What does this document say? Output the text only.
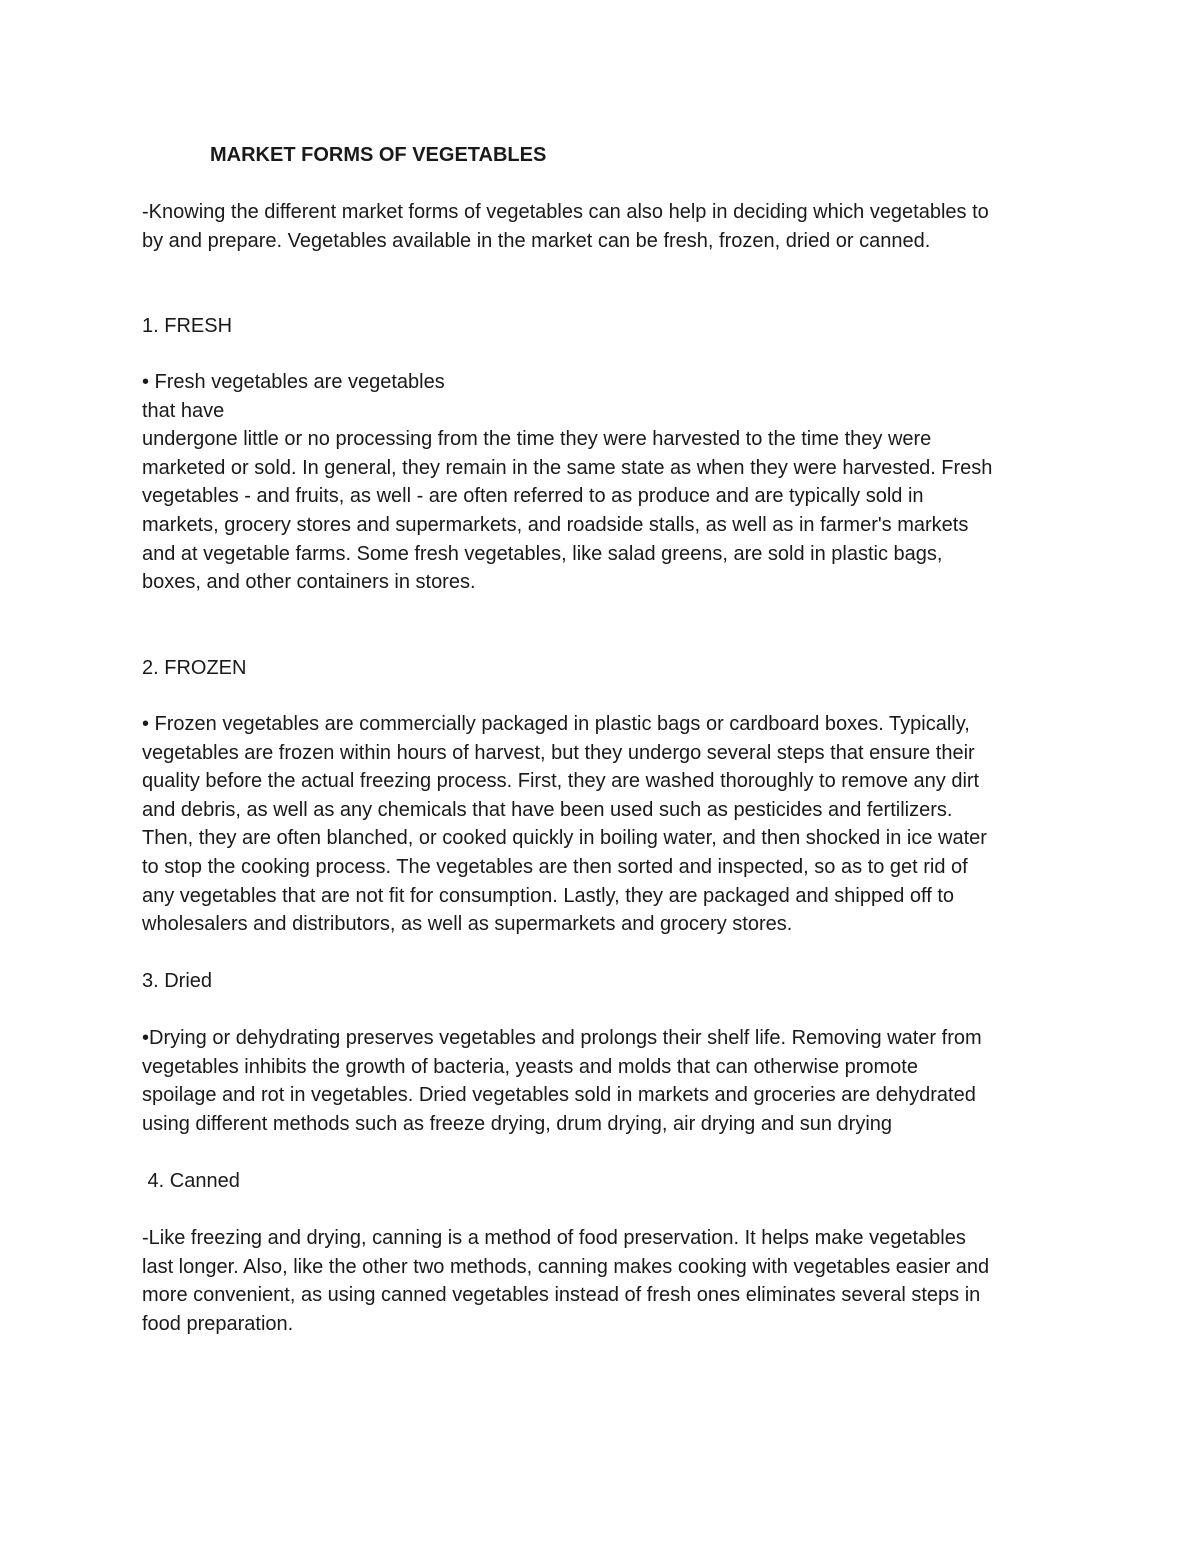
MARKET FORMS OF VEGETABLES
-Knowing the different market forms of vegetables can also help in deciding which vegetables to
by and prepare. Vegetables available in the market can be fresh, frozen, dried or canned.
1. FRESH
• Fresh vegetables are vegetables
that have
undergone little or no processing from the time they were harvested to the time they were
marketed or sold. In general, they remain in the same state as when they were harvested. Fresh
vegetables - and fruits, as well - are often referred to as produce and are typically sold in
markets, grocery stores and supermarkets, and roadside stalls, as well as in farmer's markets
and at vegetable farms. Some fresh vegetables, like salad greens, are sold in plastic bags,
boxes, and other containers in stores.
2. FROZEN
• Frozen vegetables are commercially packaged in plastic bags or cardboard boxes. Typically,
vegetables are frozen within hours of harvest, but they undergo several steps that ensure their
quality before the actual freezing process. First, they are washed thoroughly to remove any dirt
and debris, as well as any chemicals that have been used such as pesticides and fertilizers.
Then, they are often blanched, or cooked quickly in boiling water, and then shocked in ice water
to stop the cooking process. The vegetables are then sorted and inspected, so as to get rid of
any vegetables that are not fit for consumption. Lastly, they are packaged and shipped off to
wholesalers and distributors, as well as supermarkets and grocery stores.
3. Dried
•Drying or dehydrating preserves vegetables and prolongs their shelf life. Removing water from
vegetables inhibits the growth of bacteria, yeasts and molds that can otherwise promote
spoilage and rot in vegetables. Dried vegetables sold in markets and groceries are dehydrated
using different methods such as freeze drying, drum drying, air drying and sun drying
4. Canned
-Like freezing and drying, canning is a method of food preservation. It helps make vegetables
last longer. Also, like the other two methods, canning makes cooking with vegetables easier and
more convenient, as using canned vegetables instead of fresh ones eliminates several steps in
food preparation.
